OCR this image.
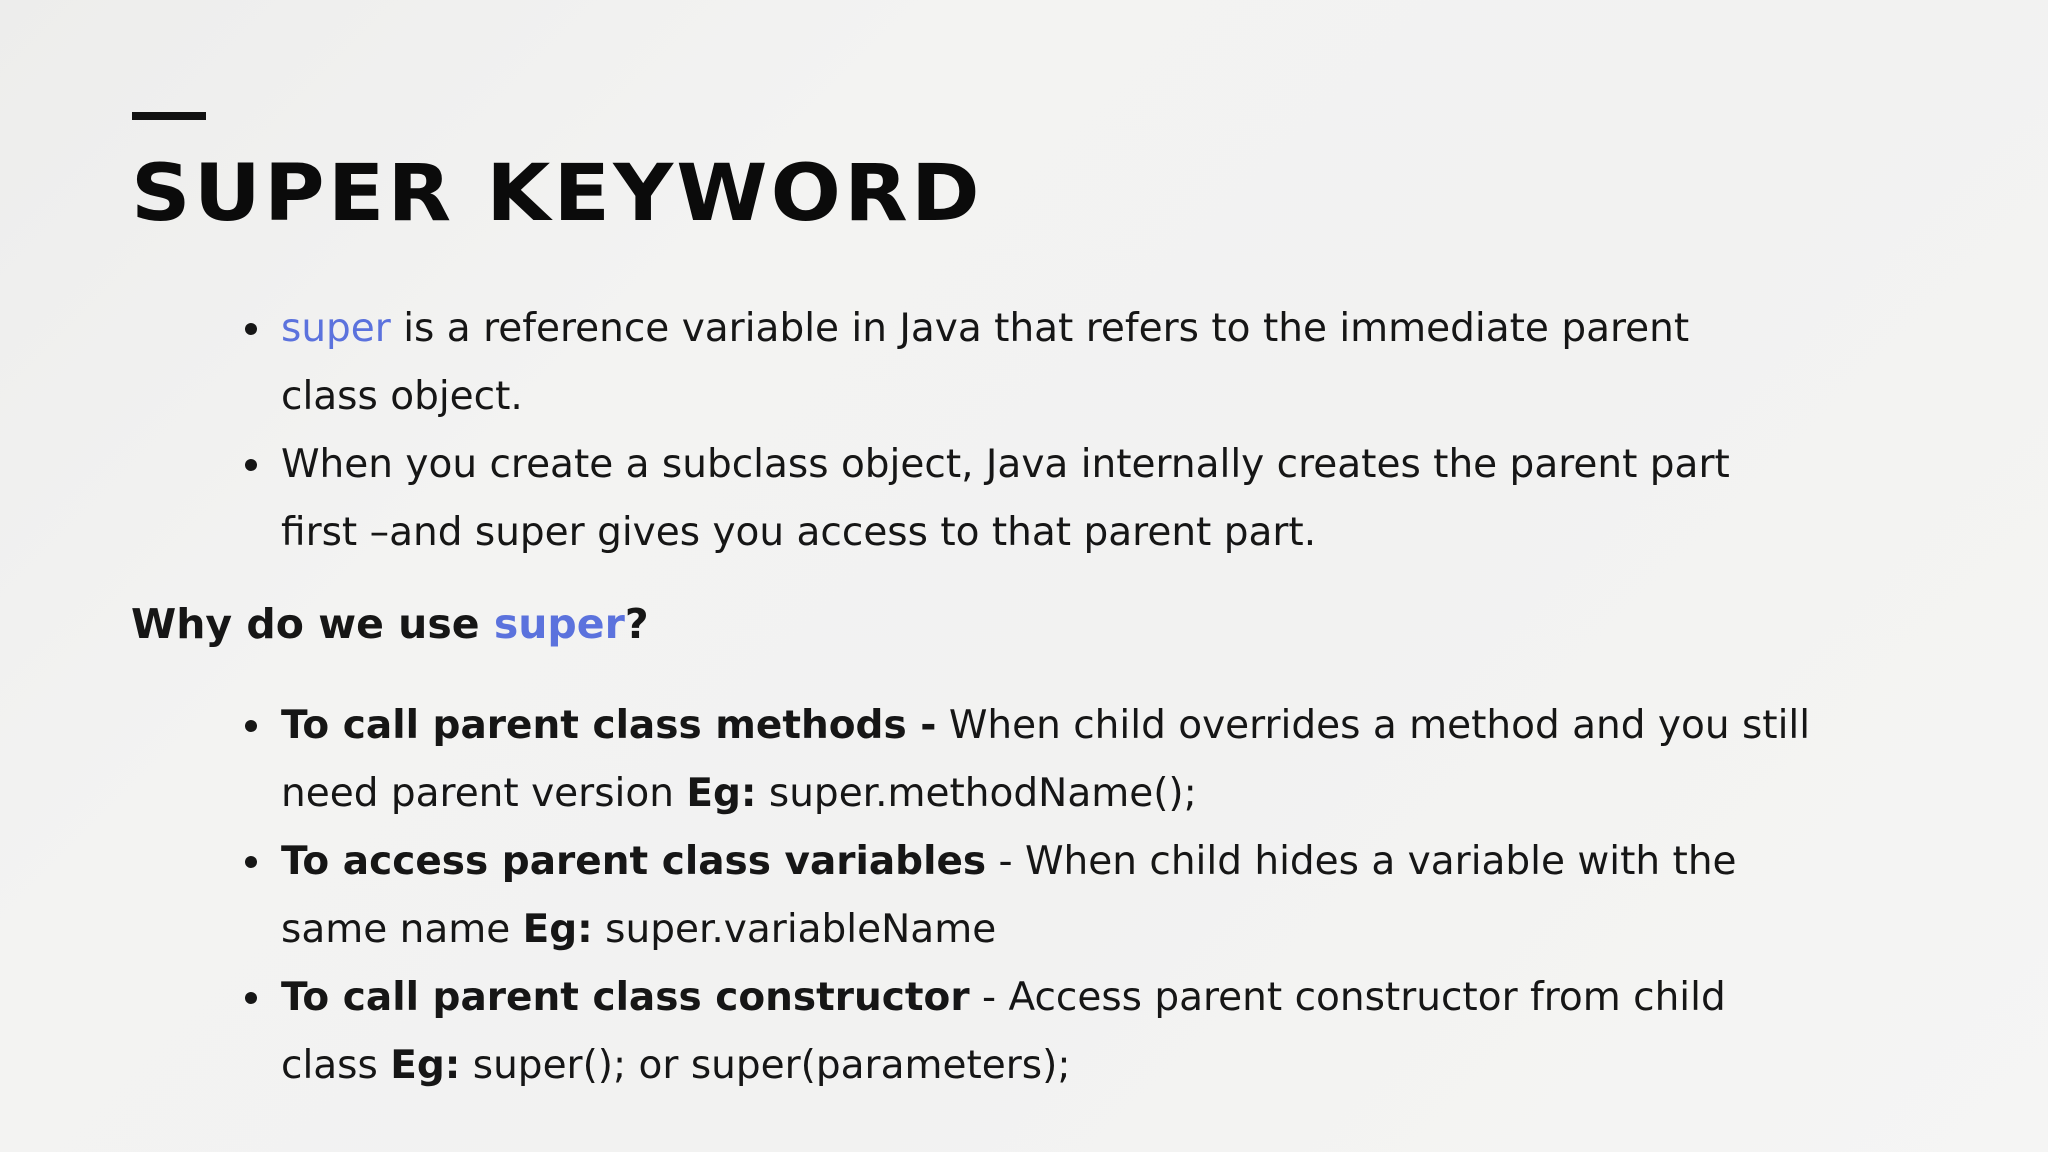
SUPER KEYWORD
super is a reference variable in Java that refers to the immediate parent
class object.
When you create a subclass object, Java internally creates the parent part
first –and super gives you access to that parent part.
Why do we use super?
To call parent class methods - When child overrides a method and you still
need parent version Eg: super.methodName();
To access parent class variables - When child hides a variable with the
same name Eg: super.variableName
To call parent class constructor - Access parent constructor from child
class Eg: super(); or super(parameters);
